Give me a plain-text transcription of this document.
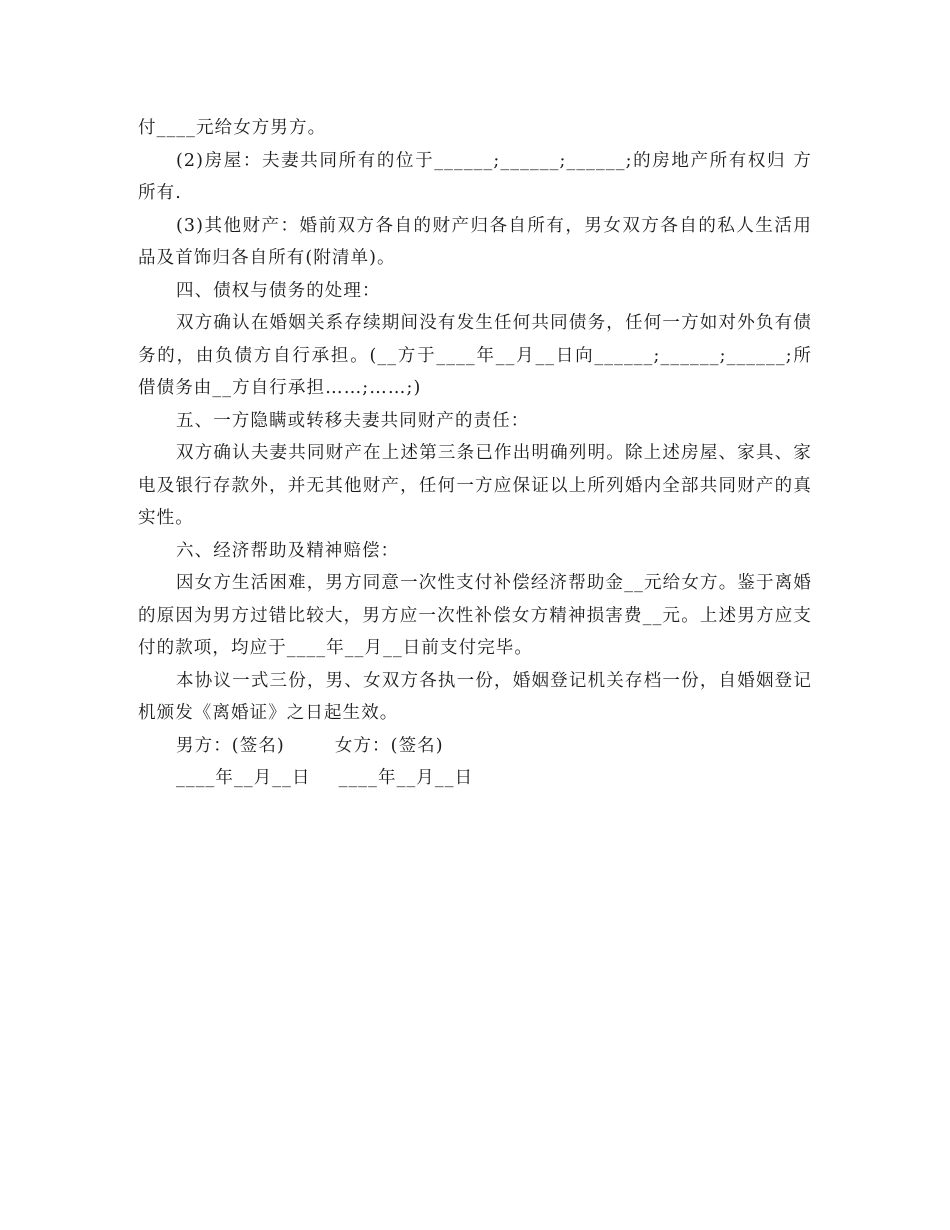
付____元给女方男方。

(2)房屋：夫妻共同所有的位于______;______;______;的房地产所有权归 方所有.

(3)其他财产：婚前双方各自的财产归各自所有，男女双方各自的私人生活用品及首饰归各自所有(附清单)。

四、债权与债务的处理：

双方确认在婚姻关系存续期间没有发生任何共同债务，任何一方如对外负有债务的，由负债方自行承担。(__方于____年__月__日向______;______;______;所借债务由__方自行承担……;……;)

五、一方隐瞒或转移夫妻共同财产的责任：

双方确认夫妻共同财产在上述第三条已作出明确列明。除上述房屋、家具、家电及银行存款外，并无其他财产，任何一方应保证以上所列婚内全部共同财产的真实性。

六、经济帮助及精神赔偿：

因女方生活困难，男方同意一次性支付补偿经济帮助金__元给女方。鉴于离婚的原因为男方过错比较大，男方应一次性补偿女方精神损害费__元。上述男方应支付的款项，均应于____年__月__日前支付完毕。

本协议一式三份，男、女双方各执一份，婚姻登记机关存档一份，自婚姻登记机颁发《离婚证》之日起生效。

男方：(签名)	女方：(签名)

____年__月__日 ____年__月__日
